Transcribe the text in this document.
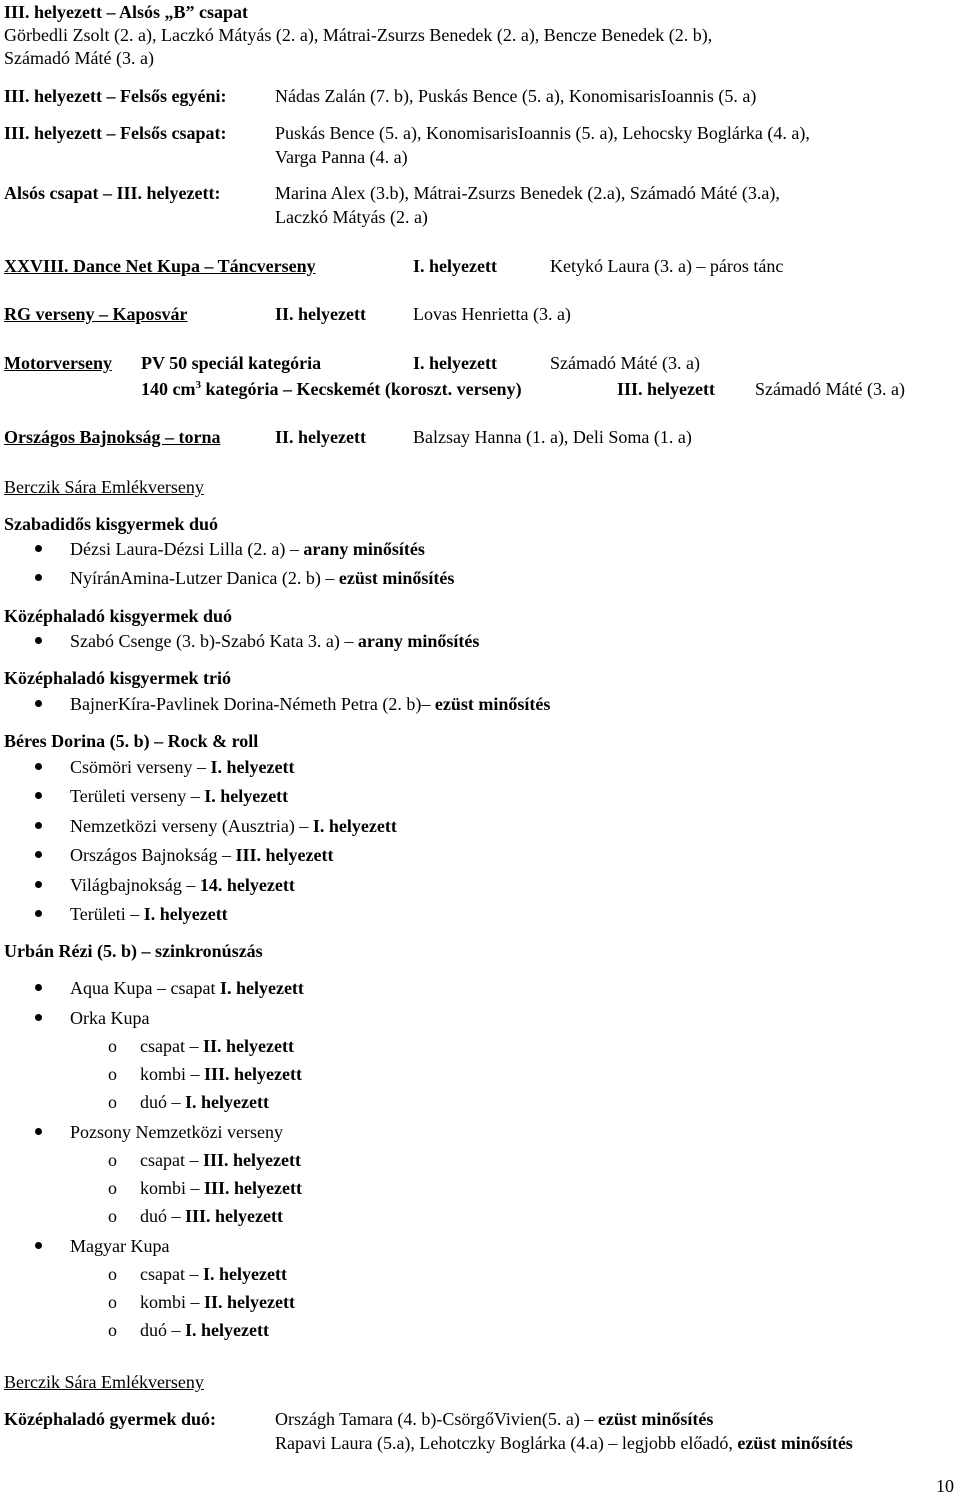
III. helyezett – Alsós „B” csapat
Görbedli Zsolt (2. a), Laczkó Mátyás (2. a), Mátrai-Zsurzs Benedek (2. a), Bencze Benedek (2. b),
Számadó Máté (3. a)
III. helyezett – Felsős egyéni:	Nádas Zalán (7. b), Puskás Bence (5. a), KonomisarisIoannis (5. a)
III. helyezett – Felsős csapat:	Puskás Bence (5. a), KonomisarisIoannis (5. a), Lehocsky Boglárka (4. a),
Varga Panna (4. a)
Alsós csapat – III. helyezett:	Marina Alex (3.b), Mátrai-Zsurzs Benedek (2.a), Számadó Máté (3.a),
Laczkó Mátyás (2. a)
XXVIII. Dance Net Kupa – Táncverseny	I. helyezett	Ketykó Laura (3. a) – páros tánc
RG verseny – Kaposvár	II. helyezett	Lovas Henrietta (3. a)
Motorverseny PV 50 speciál kategória	I. helyezett	Számadó Máté (3. a)
140 $cm^3$ kategória – Kecskemét (koroszt. verseny)	III. helyezett Számadó Máté (3. a)
Országos Bajnokság – torna	II. helyezett	Balzsay Hanna (1. a), Deli Soma (1. a)
Berczik Sára Emlékverseny
Szabadidős kisgyermek duó
Dézsi Laura-Dézsi Lilla (2. a) – arany minősítés
NyíránAmina-Lutzer Danica (2. b) – ezüst minősítés
Középhaladó kisgyermek duó
Szabó Csenge (3. b)-Szabó Kata 3. a) – arany minősítés
Középhaladó kisgyermek trió
BajnerKíra-Pavlinek Dorina-Németh Petra (2. b)– ezüst minősítés
Béres Dorina (5. b) – Rock & roll
Csömöri verseny – I. helyezett
Területi verseny – I. helyezett
Nemzetközi verseny (Ausztria) – I. helyezett
Országos Bajnokság – III. helyezett
Világbajnokság – 14. helyezett
Területi – I. helyezett
Urbán Rézi (5. b) – szinkronúszás
Aqua Kupa – csapat I. helyezett
Orka Kupa
o csapat – II. helyezett
o kombi – III. helyezett
o duó – I. helyezett
Pozsony Nemzetközi verseny
o csapat – III. helyezett
o kombi – III. helyezett
o duó – III. helyezett
Magyar Kupa
o csapat – I. helyezett
o kombi – II. helyezett
o duó – I. helyezett
Berczik Sára Emlékverseny
Középhaladó gyermek duó:	Országh Tamara (4. b)-CsörgőVivien(5. a) – ezüst minősítés
Rapavi Laura (5.a), Lehotczky Boglárka (4.a) – legjobb előadó, ezüst minősítés
10
